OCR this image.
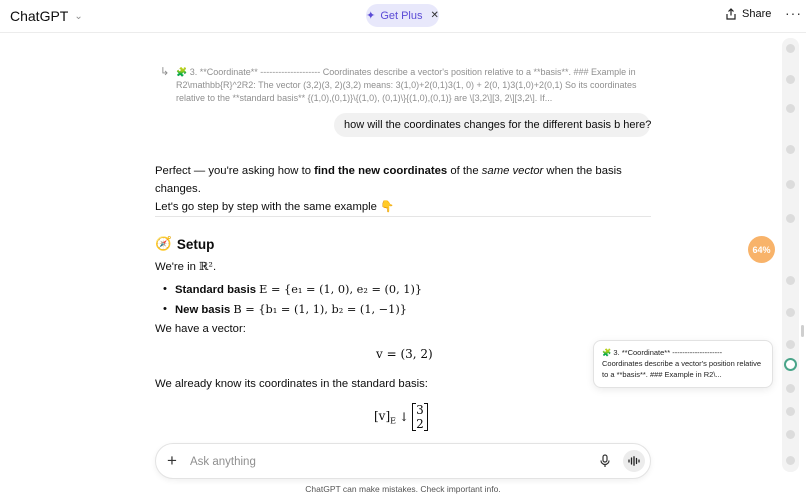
ChatGPT ⌄	✦ Get Plus ✕	Share ···
↳ 🧩 3. **Coordinate** -------------------- Coordinates describe a vector's position relative to a **basis**. ### Example in R2\mathbb{R}^2R2: The vector (3,2)(3, 2)(3,2) means: 3(1,0)+2(0,1)3(1, 0) + 2(0, 1)3(1,0)+2(0,1) So its coordinates relative to the **standard basis** {(1,0),(0,1)}\{(1,0), (0,1)\}{(1,0),(0,1)} are \[3,2\][3, 2\][3,2\]. If...
how will the coordinates changes for the different basis b here?
Perfect — you're asking how to find the new coordinates of the same vector when the basis changes.
Let's go step by step with the same example 👇
🧭 Setup
We're in ℝ².
• Standard basis E = {e₁ = (1, 0), e₂ = (0, 1)}
• New basis B = {b₁ = (1, 1), b₂ = (1, −1)}
We have a vector:
v = (3, 2)
We already know its coordinates in the standard basis:
$[v]_E$ ↓ 3
2
64%
🧩 3. **Coordinate** -------------------- Coordinates describe a vector's position relative to a **basis**. ### Example in R2\...
+
Ask anything
ChatGPT can make mistakes. Check important info.
